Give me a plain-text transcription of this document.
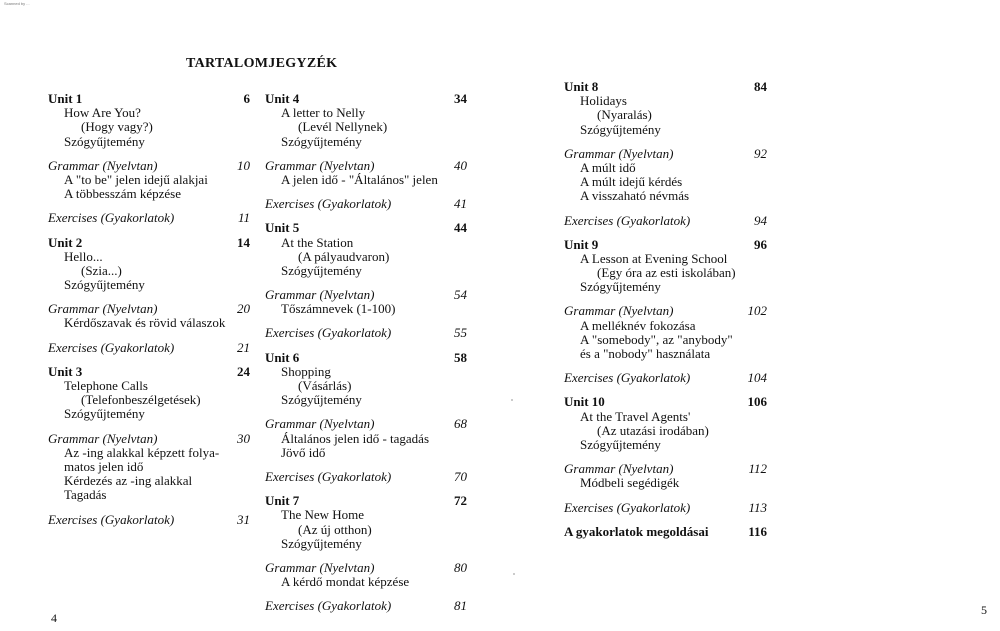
Scanned by ...
TARTALOMJEGYZÉK
Unit 1	6
How Are You?
(Hogy vagy?)
Szógyűjtemény
Grammar (Nyelvtan)	10
A "to be" jelen idejű alakjai
A többesszám képzése
Exercises (Gyakorlatok)	11
Unit 2	14
Hello...
(Szia...)
Szógyűjtemény
Grammar (Nyelvtan)	20
Kérdőszavak és rövid válaszok
Exercises (Gyakorlatok)	21
Unit 3	24
Telephone Calls
(Telefonbeszélgetések)
Szógyűjtemény
Grammar (Nyelvtan)	30
Az -ing alakkal képzett folya-
matos jelen idő
Kérdezés az -ing alakkal
Tagadás
Exercises (Gyakorlatok)	31
Unit 4	34
A letter to Nelly
(Levél Nellynek)
Szógyűjtemény
Grammar (Nyelvtan)	40
A jelen idő - "Általános" jelen
Exercises (Gyakorlatok)	41
Unit 5	44
At the Station
(A pályaudvaron)
Szógyűjtemény
Grammar (Nyelvtan)	54
Tőszámnevek (1-100)
Exercises (Gyakorlatok)	55
Unit 6	58
Shopping
(Vásárlás)
Szógyűjtemény
Grammar (Nyelvtan)	68
Általános jelen idő - tagadás
Jövő idő
Exercises (Gyakorlatok)	70
Unit 7	72
The New Home
(Az új otthon)
Szógyűjtemény
Grammar (Nyelvtan)	80
A kérdő mondat képzése
Exercises (Gyakorlatok)	81
Unit 8	84
Holidays
(Nyaralás)
Szógyűjtemény
Grammar (Nyelvtan)	92
A múlt idő
A múlt idejű kérdés
A visszaható névmás
Exercises (Gyakorlatok)	94
Unit 9	96
A Lesson at Evening School
(Egy óra az esti iskolában)
Szógyűjtemény
Grammar (Nyelvtan)	102
A melléknév fokozása
A "somebody", az "anybody"
és a "nobody" használata
Exercises (Gyakorlatok)	104
Unit 10	106
At the Travel Agents'
(Az utazási irodában)
Szógyűjtemény
Grammar (Nyelvtan)	112
Módbeli segédigék
Exercises (Gyakorlatok)	113
A gyakorlatok megoldásai	116
4
5
